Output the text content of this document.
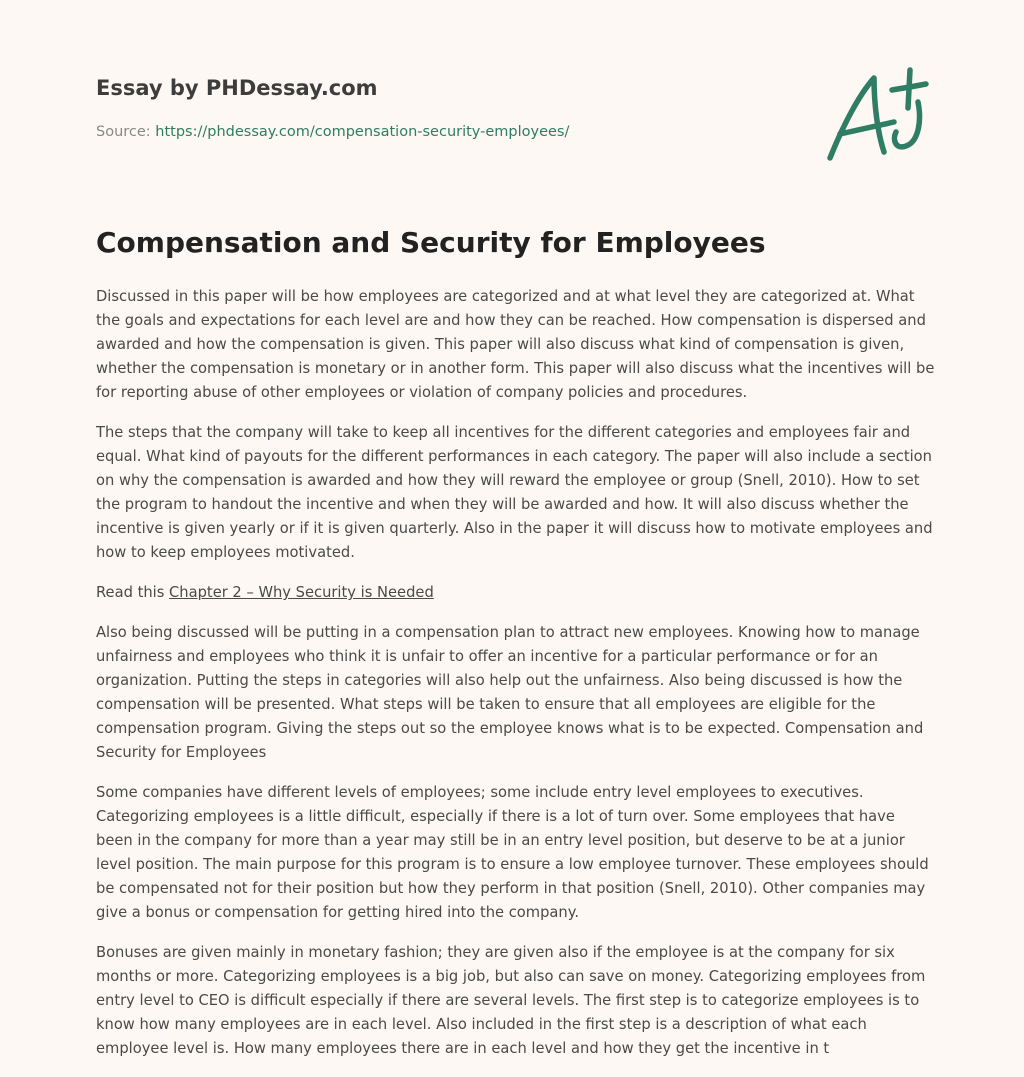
Essay by PHDessay.com

Source: https://phdessay.com/compensation-security-employees/

Compensation and Security for Employees

Discussed in this paper will be how employees are categorized and at what level they are categorized at. What the goals and expectations for each level are and how they can be reached. How compensation is dispersed and awarded and how the compensation is given. This paper will also discuss what kind of compensation is given, whether the compensation is monetary or in another form. This paper will also discuss what the incentives will be for reporting abuse of other employees or violation of company policies and procedures.

The steps that the company will take to keep all incentives for the different categories and employees fair and equal. What kind of payouts for the different performances in each category. The paper will also include a section on why the compensation is awarded and how they will reward the employee or group (Snell, 2010). How to set the program to handout the incentive and when they will be awarded and how. It will also discuss whether the incentive is given yearly or if it is given quarterly. Also in the paper it will discuss how to motivate employees and how to keep employees motivated.

Read this Chapter 2 – Why Security is Needed

Also being discussed will be putting in a compensation plan to attract new employees. Knowing how to manage unfairness and employees who think it is unfair to offer an incentive for a particular performance or for an organization. Putting the steps in categories will also help out the unfairness. Also being discussed is how the compensation will be presented. What steps will be taken to ensure that all employees are eligible for the compensation program. Giving the steps out so the employee knows what is to be expected. Compensation and Security for Employees

Some companies have different levels of employees; some include entry level employees to executives. Categorizing employees is a little difficult, especially if there is a lot of turn over. Some employees that have been in the company for more than a year may still be in an entry level position, but deserve to be at a junior level position. The main purpose for this program is to ensure a low employee turnover. These employees should be compensated not for their position but how they perform in that position (Snell, 2010). Other companies may give a bonus or compensation for getting hired into the company.

Bonuses are given mainly in monetary fashion; they are given also if the employee is at the company for six months or more. Categorizing employees is a big job, but also can save on money. Categorizing employees from entry level to CEO is difficult especially if there are several levels. The first step is to categorize employees is to know how many employees are in each level. Also included in the first step is a description of what each employee level is. How many employees there are in each level and how they get the incentive in t
